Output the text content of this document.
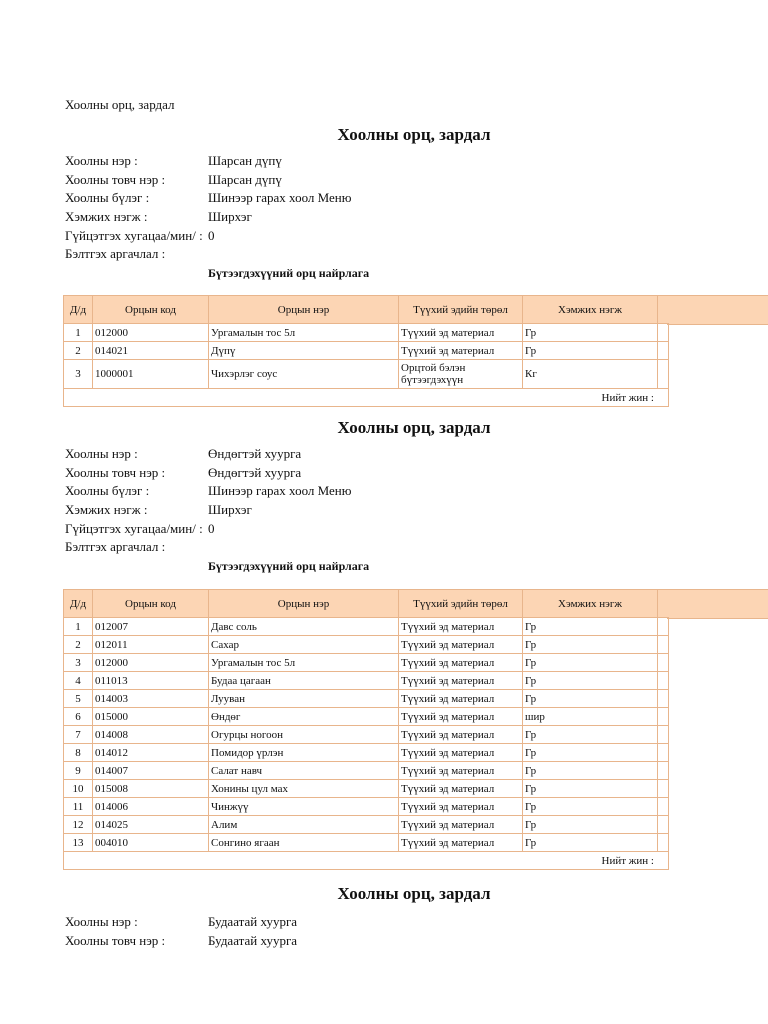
Хоолны орц, зардал
Хоолны орц, зардал
Хоолны нэр :	Шарсан дүпү
Хоолны товч нэр :	Шарсан дүпү
Хоолны бүлэг :	Шинээр гарах хоол Меню
Хэмжих нэгж :	Ширхэг
Гүйцэтгэх хугацаа/мин/ : 0
Бэлтгэх аргачлал :
Бүтээгдэхүүний орц найрлага
Д/д	Орцын код	Орцын нэр	Түүхий эдийн төрөл	Хэмжих нэгж	
1	012000	Ургамалын тос 5л	Түүхий эд материал	Гр	
2	014021	Дүпү	Түүхий эд материал	Гр	
3	1000001	Чихэрлэг соус	Орцтой бэлэн бүтээгдэхүүн	Кг	
Нийт жин :					
Хоолны орц, зардал
Хоолны нэр :	Өндөгтэй хуурга
Хоолны товч нэр :	Өндөгтэй хуурга
Хоолны бүлэг :	Шинээр гарах хоол Меню
Хэмжих нэгж :	Ширхэг
Гүйцэтгэх хугацаа/мин/ : 0
Бэлтгэх аргачлал :
Бүтээгдэхүүний орц найрлага
Д/д	Орцын код	Орцын нэр	Түүхий эдийн төрөл	Хэмжих нэгж	
1	012007	Давс соль	Түүхий эд материал	Гр	
2	012011	Сахар	Түүхий эд материал	Гр	
3	012000	Ургамалын тос 5л	Түүхий эд материал	Гр	
4	011013	Будаа цагаан	Түүхий эд материал	Гр	
5	014003	Лууван	Түүхий эд материал	Гр	
6	015000	Өндөг	Түүхий эд материал	шир	
7	014008	Огурцы ногоон	Түүхий эд материал	Гр	
8	014012	Помидор үрлэн	Түүхий эд материал	Гр	
9	014007	Салат навч	Түүхий эд материал	Гр	
10	015008	Хонины цул мах	Түүхий эд материал	Гр	
11	014006	Чинжүү	Түүхий эд материал	Гр	
12	014025	Алим	Түүхий эд материал	Гр	
13	004010	Сонгино ягаан	Түүхий эд материал	Гр	
Нийт жин :					
Хоолны орц, зардал
Хоолны нэр :	Будаатай хуурга
Хоолны товч нэр :	Будаатай хуурга
